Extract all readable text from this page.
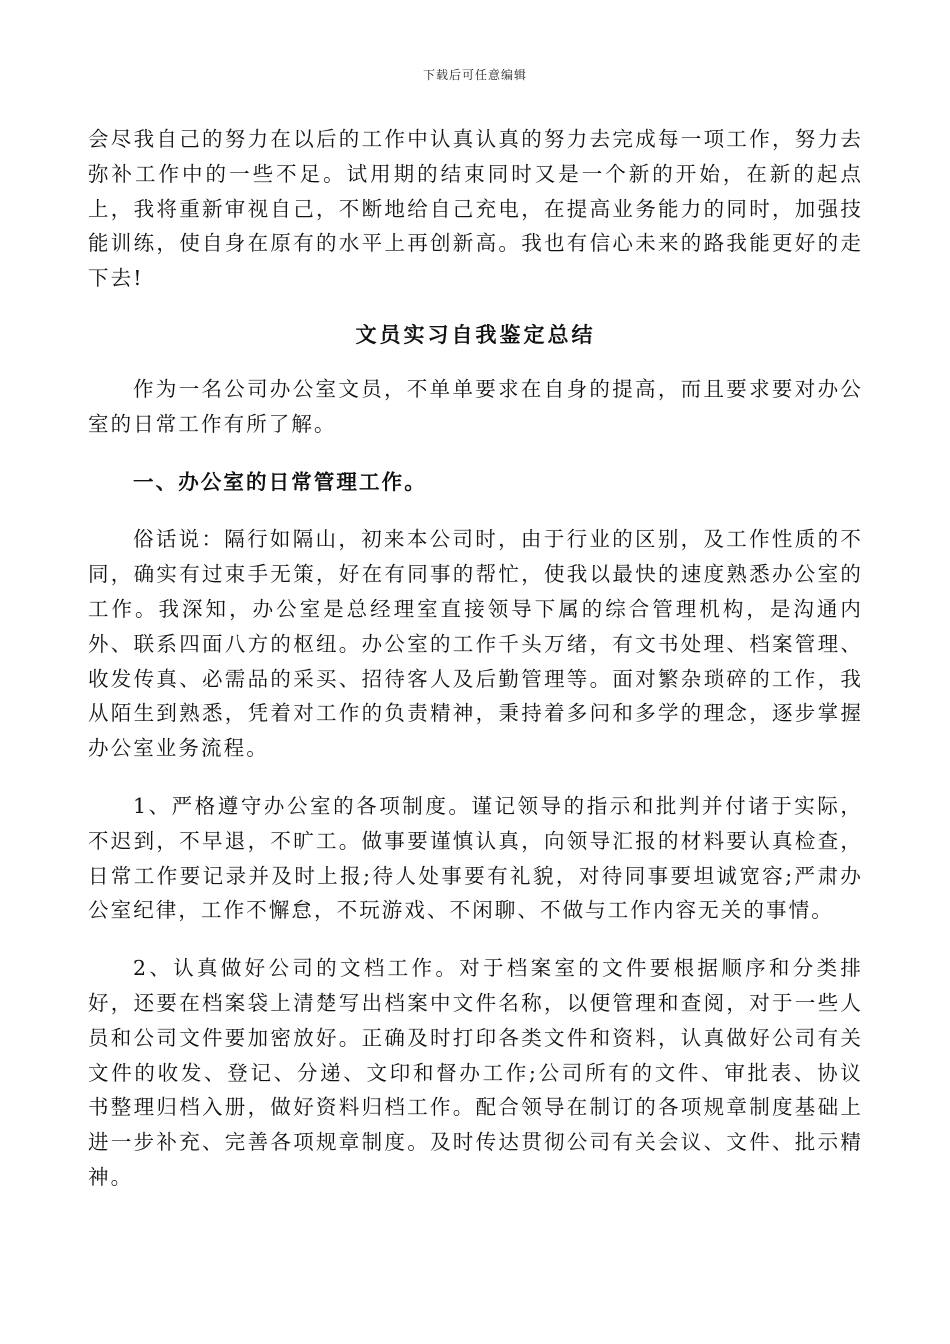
下载后可任意编辑

会尽我自己的努力在以后的工作中认真认真的努力去完成每一项工作，努力去弥补工作中的一些不足。试用期的结束同时又是一个新的开始，在新的起点上，我将重新审视自己，不断地给自己充电，在提高业务能力的同时，加强技能训练，使自身在原有的水平上再创新高。我也有信心未来的路我能更好的走下去!

文员实习自我鉴定总结

作为一名公司办公室文员，不单单要求在自身的提高，而且要求要对办公室的日常工作有所了解。

一、办公室的日常管理工作。

俗话说：隔行如隔山，初来本公司时，由于行业的区别，及工作性质的不同，确实有过束手无策，好在有同事的帮忙，使我以最快的速度熟悉办公室的工作。我深知，办公室是总经理室直接领导下属的综合管理机构，是沟通内外、联系四面八方的枢纽。办公室的工作千头万绪，有文书处理、档案管理、收发传真、必需品的采买、招待客人及后勤管理等。面对繁杂琐碎的工作，我从陌生到熟悉，凭着对工作的负责精神，秉持着多问和多学的理念，逐步掌握办公室业务流程。

1、严格遵守办公室的各项制度。谨记领导的指示和批判并付诸于实际，不迟到，不早退，不旷工。做事要谨慎认真，向领导汇报的材料要认真检查，日常工作要记录并及时上报;待人处事要有礼貌，对待同事要坦诚宽容;严肃办公室纪律，工作不懈怠，不玩游戏、不闲聊、不做与工作内容无关的事情。

2、认真做好公司的文档工作。对于档案室的文件要根据顺序和分类排好，还要在档案袋上清楚写出档案中文件名称，以便管理和查阅，对于一些人员和公司文件要加密放好。正确及时打印各类文件和资料，认真做好公司有关文件的收发、登记、分递、文印和督办工作;公司所有的文件、审批表、协议书整理归档入册，做好资料归档工作。配合领导在制订的各项规章制度基础上进一步补充、完善各项规章制度。及时传达贯彻公司有关会议、文件、批示精神。
